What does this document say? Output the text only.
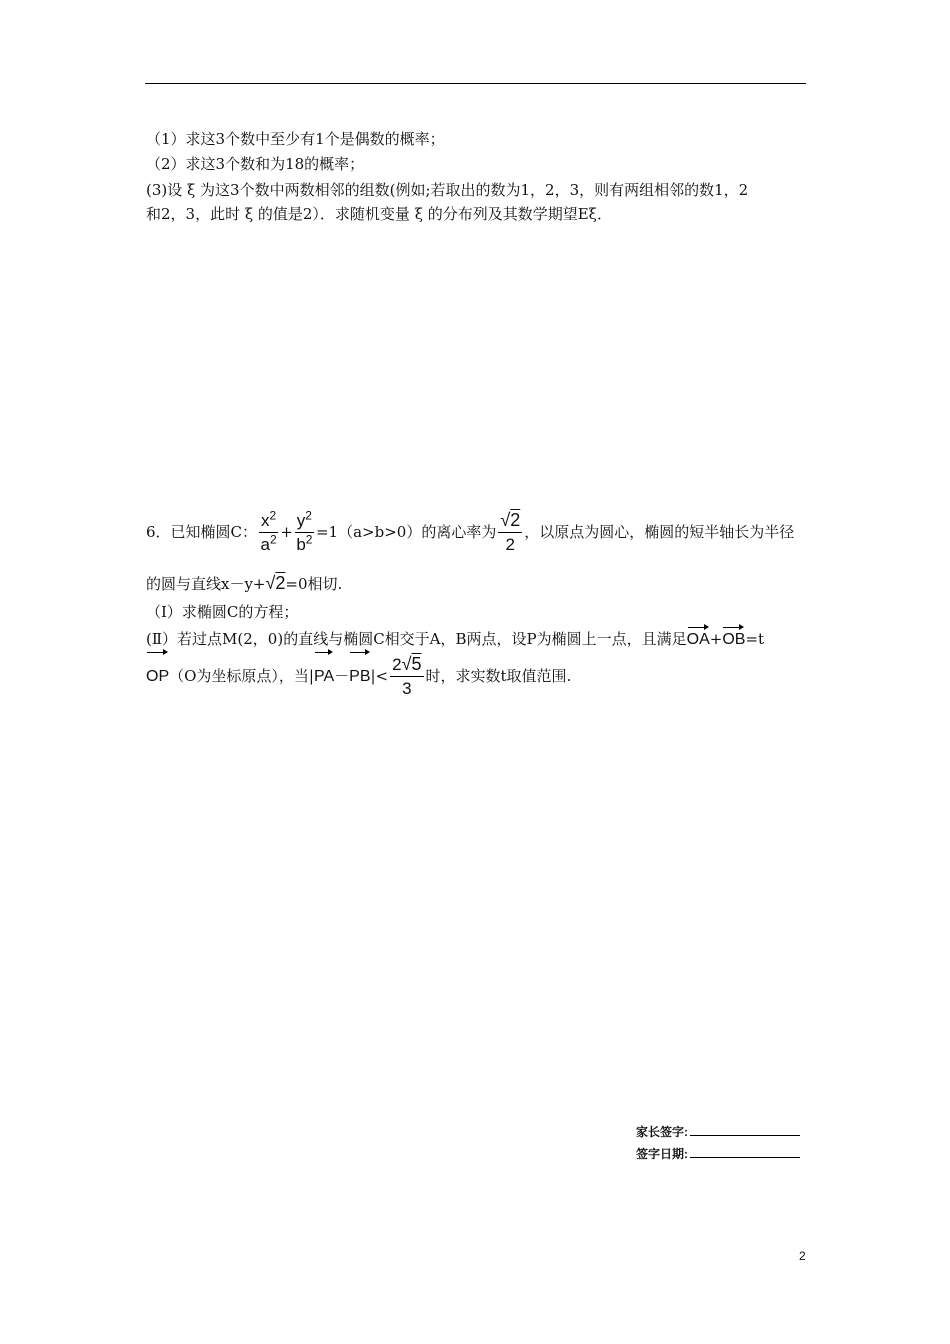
（1）求这3个数中至少有1个是偶数的概率；
（2）求这3个数和为18的概率；
(3)设 ξ 为这3个数中两数相邻的组数(例如;若取出的数为1，2，3，则有两组相邻的数1，2
和2，3，此时 ξ 的值是2）．求随机变量 ξ 的分布列及其数学期望Eξ．
6．已知椭圆C： $\frac{x^2}{a^2} + \frac{y^2}{b^2} =1(a>b>0)$的离心率为 $\frac{√2}{2}$ ，以原点为圆心，椭圆的短半轴长为半径
的圆与直线x－y+√2=0相切.
（Ⅰ）求椭圆C的方程；
(Ⅱ）若过点M(2，0)的直线与椭圆C相交于A，B两点，设P为椭圆上一点，且满足OA+OB=t
OP（O为坐标原点），当$|PA-PB|< \frac{2√5}{3}$ 时，求实数t取值范围.
家长签字:
签字日期:
2
